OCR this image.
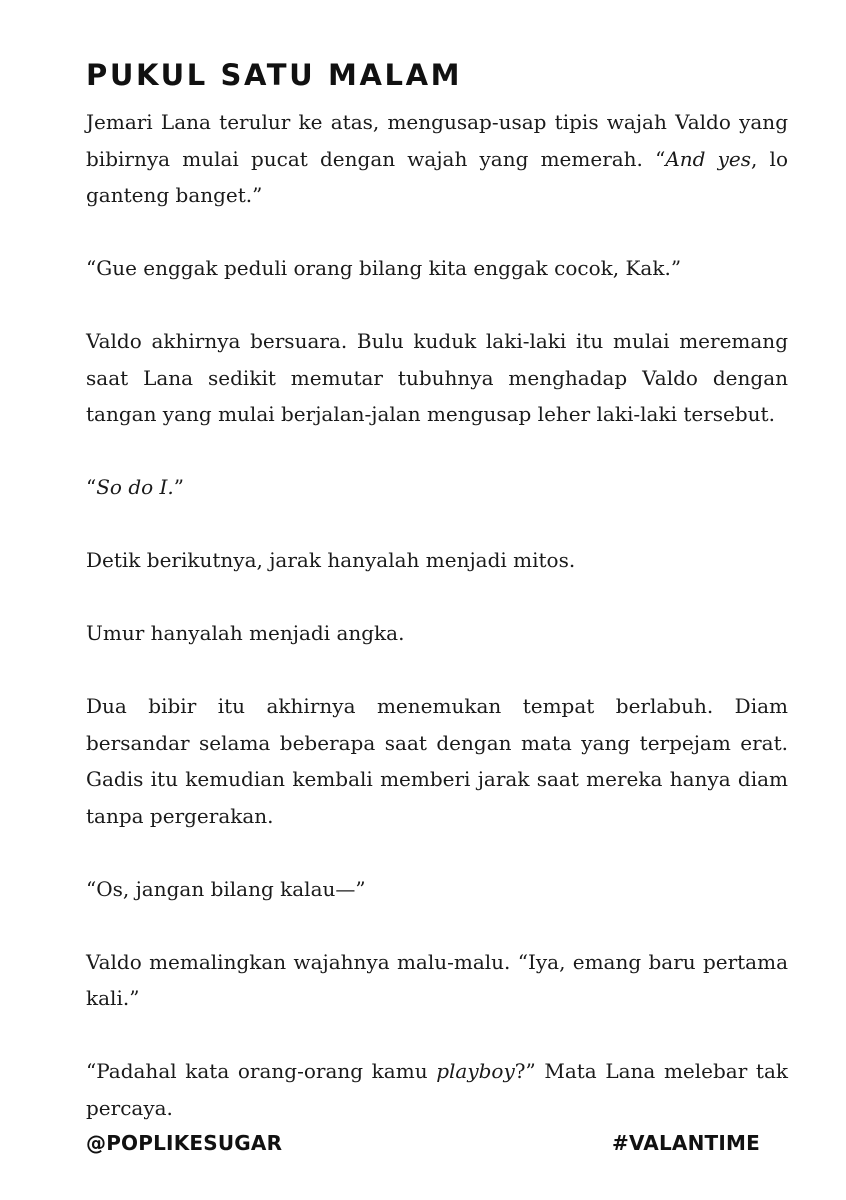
PUKUL SATU MALAM

Jemari Lana terulur ke atas, mengusap-usap tipis wajah Valdo yang bibirnya mulai pucat dengan wajah yang memerah. “And yes, lo ganteng banget.”

“Gue enggak peduli orang bilang kita enggak cocok, Kak.”

Valdo akhirnya bersuara. Bulu kuduk laki-laki itu mulai meremang saat Lana sedikit memutar tubuhnya menghadap Valdo dengan tangan yang mulai berjalan-jalan mengusap leher laki-laki tersebut.

“So do I.”

Detik berikutnya, jarak hanyalah menjadi mitos.

Umur hanyalah menjadi angka.

Dua bibir itu akhirnya menemukan tempat berlabuh. Diam bersandar selama beberapa saat dengan mata yang terpejam erat. Gadis itu kemudian kembali memberi jarak saat mereka hanya diam tanpa pergerakan.

“Os, jangan bilang kalau—”

Valdo memalingkan wajahnya malu-malu. “Iya, emang baru pertama kali.”

“Padahal kata orang-orang kamu playboy?” Mata Lana melebar tak percaya.

@POPLIKESUGAR	#VALANTIME
